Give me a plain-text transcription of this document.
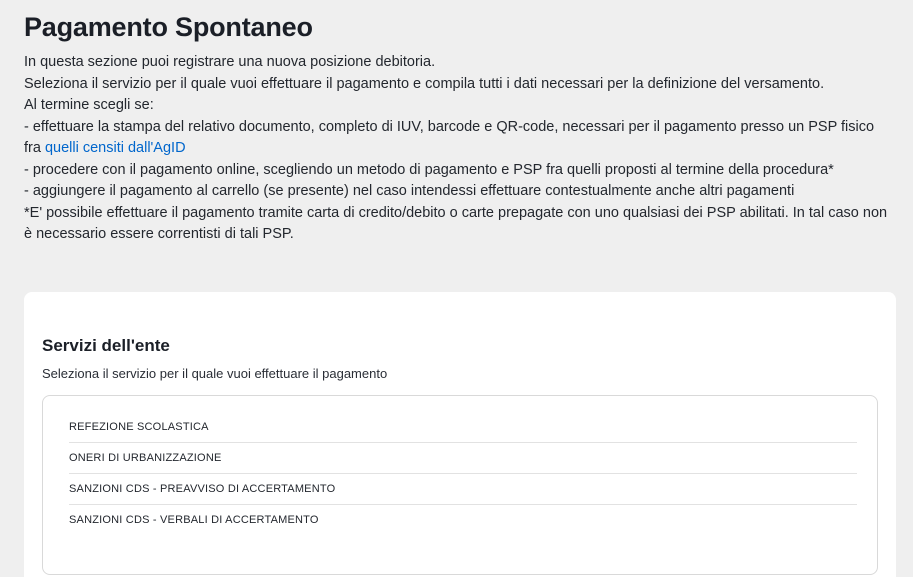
Pagamento Spontaneo

In questa sezione puoi registrare una nuova posizione debitoria.

Seleziona il servizio per il quale vuoi effettuare il pagamento e compila tutti i dati necessari per la definizione del versamento.

Al termine scegli se:

- effettuare la stampa del relativo documento, completo di IUV, barcode e QR-code, necessari per il pagamento presso un PSP fisico fra quelli censiti dall'AgID

- procedere con il pagamento online, scegliendo un metodo di pagamento e PSP fra quelli proposti al termine della procedura*

- aggiungere il pagamento al carrello (se presente) nel caso intendessi effettuare contestualmente anche altri pagamenti

*E' possibile effettuare il pagamento tramite carta di credito/debito o carte prepagate con uno qualsiasi dei PSP abilitati. In tal caso non è necessario essere correntisti di tali PSP.

Servizi dell'ente

Seleziona il servizio per il quale vuoi effettuare il pagamento

REFEZIONE SCOLASTICA
ONERI DI URBANIZZAZIONE
SANZIONI CDS - PREAVVISO DI ACCERTAMENTO
SANZIONI CDS - VERBALI DI ACCERTAMENTO
